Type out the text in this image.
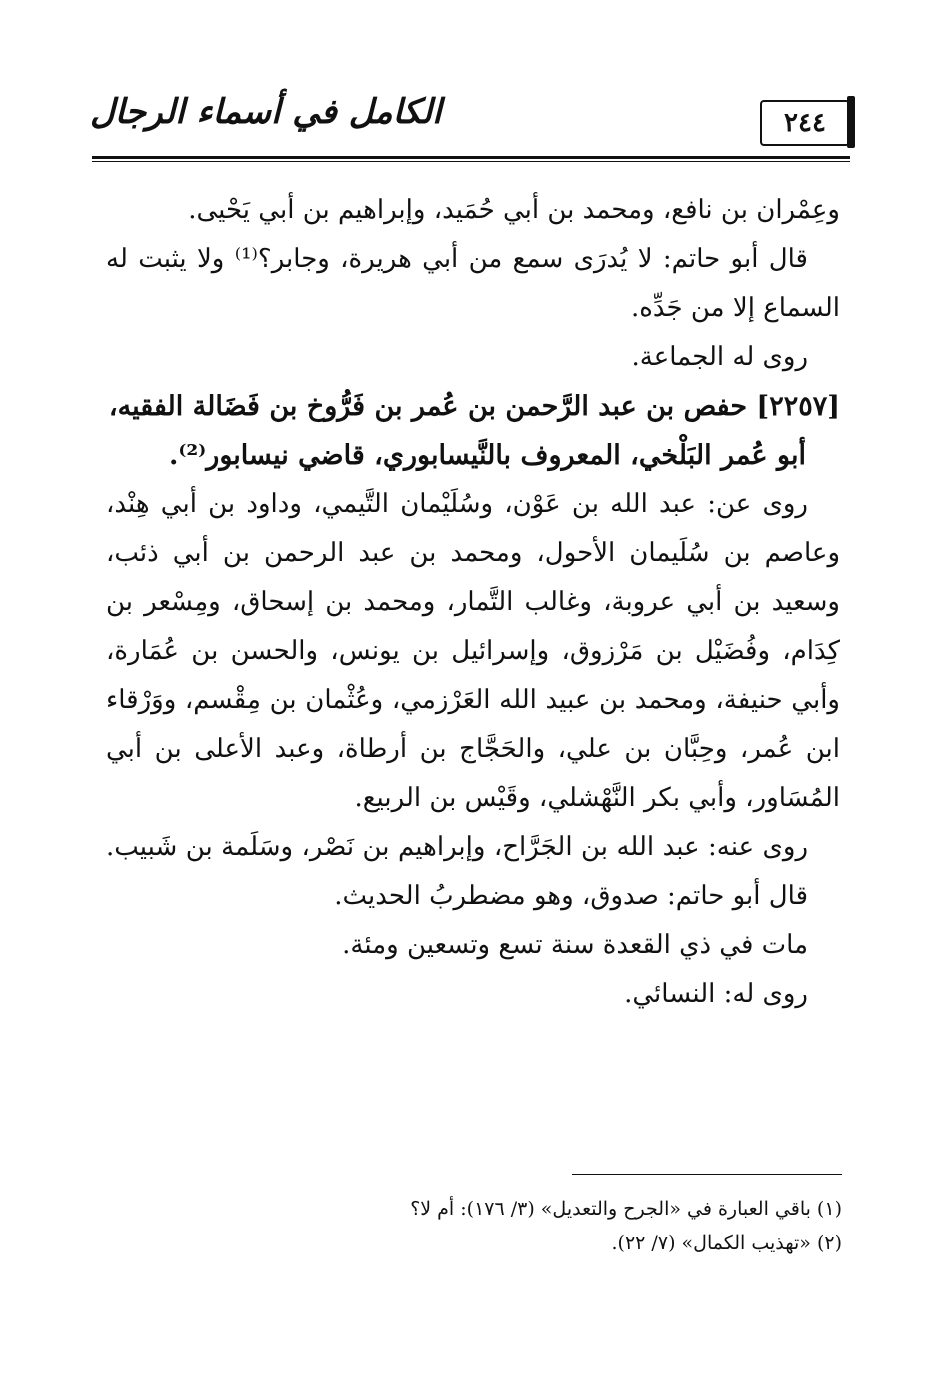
٢٤٤
الكامل في أسماء الرجال
وعِمْران بن نافع، ومحمد بن أبي حُمَيد، وإبراهيم بن أبي يَحْيى.
قال أبو حاتم: لا يُدرَى سمع من أبي هريرة، وجابر؟⁽¹⁾ ولا يثبت له
السماع إلا من جَدِّه.
روى له الجماعة.
[٢٢٥٧] حفص بن عبد الرَّحمن بن عُمر بن فَرُّوخ بن فَضَالة الفقيه،
أبو عُمر البَلْخي، المعروف بالنَّيسابوري، قاضي نيسابور⁽²⁾.
روى عن: عبد الله بن عَوْن، وسُلَيْمان التَّيمي، وداود بن أبي هِنْد،
وعاصم بن سُلَيمان الأحول، ومحمد بن عبد الرحمن بن أبي ذئب،
وسعيد بن أبي عروبة، وغالب التَّمار، ومحمد بن إسحاق، ومِسْعر بن
كِدَام، وفُضَيْل بن مَرْزوق، وإسرائيل بن يونس، والحسن بن عُمَارة،
وأبي حنيفة، ومحمد بن عبيد الله العَرْزمي، وعُثْمان بن مِقْسم، ووَرْقاء
ابن عُمر، وحِبَّان بن علي، والحَجَّاج بن أرطاة، وعبد الأعلى بن أبي
المُسَاور، وأبي بكر النَّهْشلي، وقَيْس بن الربيع.
روى عنه: عبد الله بن الجَرَّاح، وإبراهيم بن نَصْر، وسَلَمة بن شَبيب.
قال أبو حاتم: صدوق، وهو مضطربُ الحديث.
مات في ذي القعدة سنة تسع وتسعين ومئة.
روى له: النسائي.
(١) باقي العبارة في «الجرح والتعديل» (٣/ ١٧٦): أم لا؟
(٢) «تهذيب الكمال» (٧/ ٢٢).
